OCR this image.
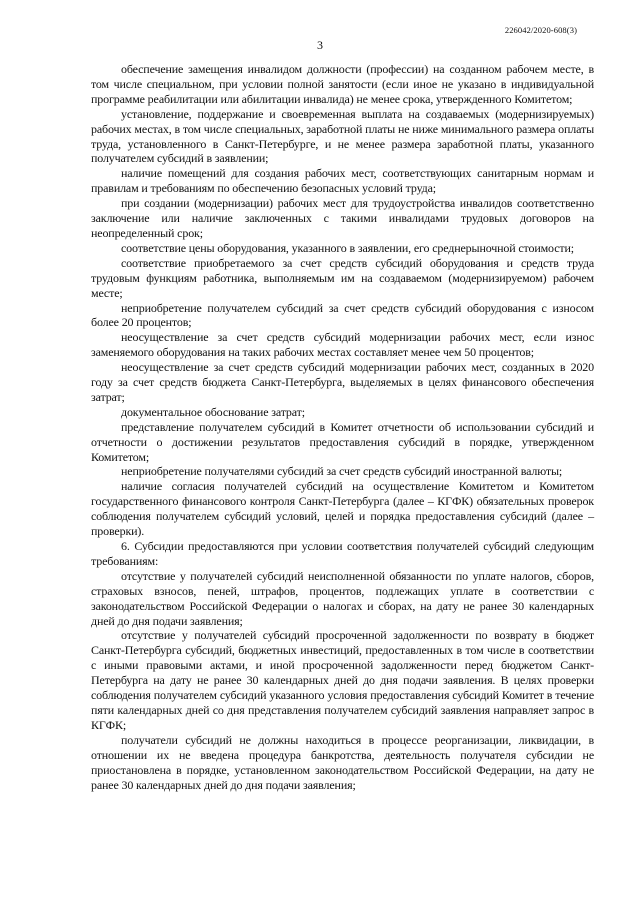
226042/2020-608(3)
3

обеспечение замещения инвалидом должности (профессии) на созданном рабочем месте, в том числе специальном, при условии полной занятости (если иное не указано в индивидуальной программе реабилитации или абилитации инвалида) не менее срока, утвержденного Комитетом;

установление, поддержание и своевременная выплата на создаваемых (модернизируемых) рабочих местах, в том числе специальных, заработной платы не ниже минимального размера оплаты труда, установленного в Санкт-Петербурге, и не менее размера заработной платы, указанного получателем субсидий в заявлении;

наличие помещений для создания рабочих мест, соответствующих санитарным нормам и правилам и требованиям по обеспечению безопасных условий труда;

при создании (модернизации) рабочих мест для трудоустройства инвалидов соответственно заключение или наличие заключенных с такими инвалидами трудовых договоров на неопределенный срок;

соответствие цены оборудования, указанного в заявлении, его среднерыночной стоимости;

соответствие приобретаемого за счет средств субсидий оборудования и средств труда трудовым функциям работника, выполняемым им на создаваемом (модернизируемом) рабочем месте;

неприобретение получателем субсидий за счет средств субсидий оборудования с износом более 20 процентов;

неосуществление за счет средств субсидий модернизации рабочих мест, если износ заменяемого оборудования на таких рабочих местах составляет менее чем 50 процентов;

неосуществление за счет средств субсидий модернизации рабочих мест, созданных в 2020 году за счет средств бюджета Санкт-Петербурга, выделяемых в целях финансового обеспечения затрат;

документальное обоснование затрат;

представление получателем субсидий в Комитет отчетности об использовании субсидий и отчетности о достижении результатов предоставления субсидий в порядке, утвержденном Комитетом;

неприобретение получателями субсидий за счет средств субсидий иностранной валюты;

наличие согласия получателей субсидий на осуществление Комитетом и Комитетом государственного финансового контроля Санкт-Петербурга (далее – КГФК) обязательных проверок соблюдения получателем субсидий условий, целей и порядка предоставления субсидий (далее – проверки).

6. Субсидии предоставляются при условии соответствия получателей субсидий следующим требованиям:

отсутствие у получателей субсидий неисполненной обязанности по уплате налогов, сборов, страховых взносов, пеней, штрафов, процентов, подлежащих уплате в соответствии с законодательством Российской Федерации о налогах и сборах, на дату не ранее 30 календарных дней до дня подачи заявления;

отсутствие у получателей субсидий просроченной задолженности по возврату в бюджет Санкт-Петербурга субсидий, бюджетных инвестиций, предоставленных в том числе в соответствии с иными правовыми актами, и иной просроченной задолженности перед бюджетом Санкт-Петербурга на дату не ранее 30 календарных дней до дня подачи заявления. В целях проверки соблюдения получателем субсидий указанного условия предоставления субсидий Комитет в течение пяти календарных дней со дня представления получателем субсидий заявления направляет запрос в КГФК;

получатели субсидий не должны находиться в процессе реорганизации, ликвидации, в отношении их не введена процедура банкротства, деятельность получателя субсидии не приостановлена в порядке, установленном законодательством Российской Федерации, на дату не ранее 30 календарных дней до дня подачи заявления;
